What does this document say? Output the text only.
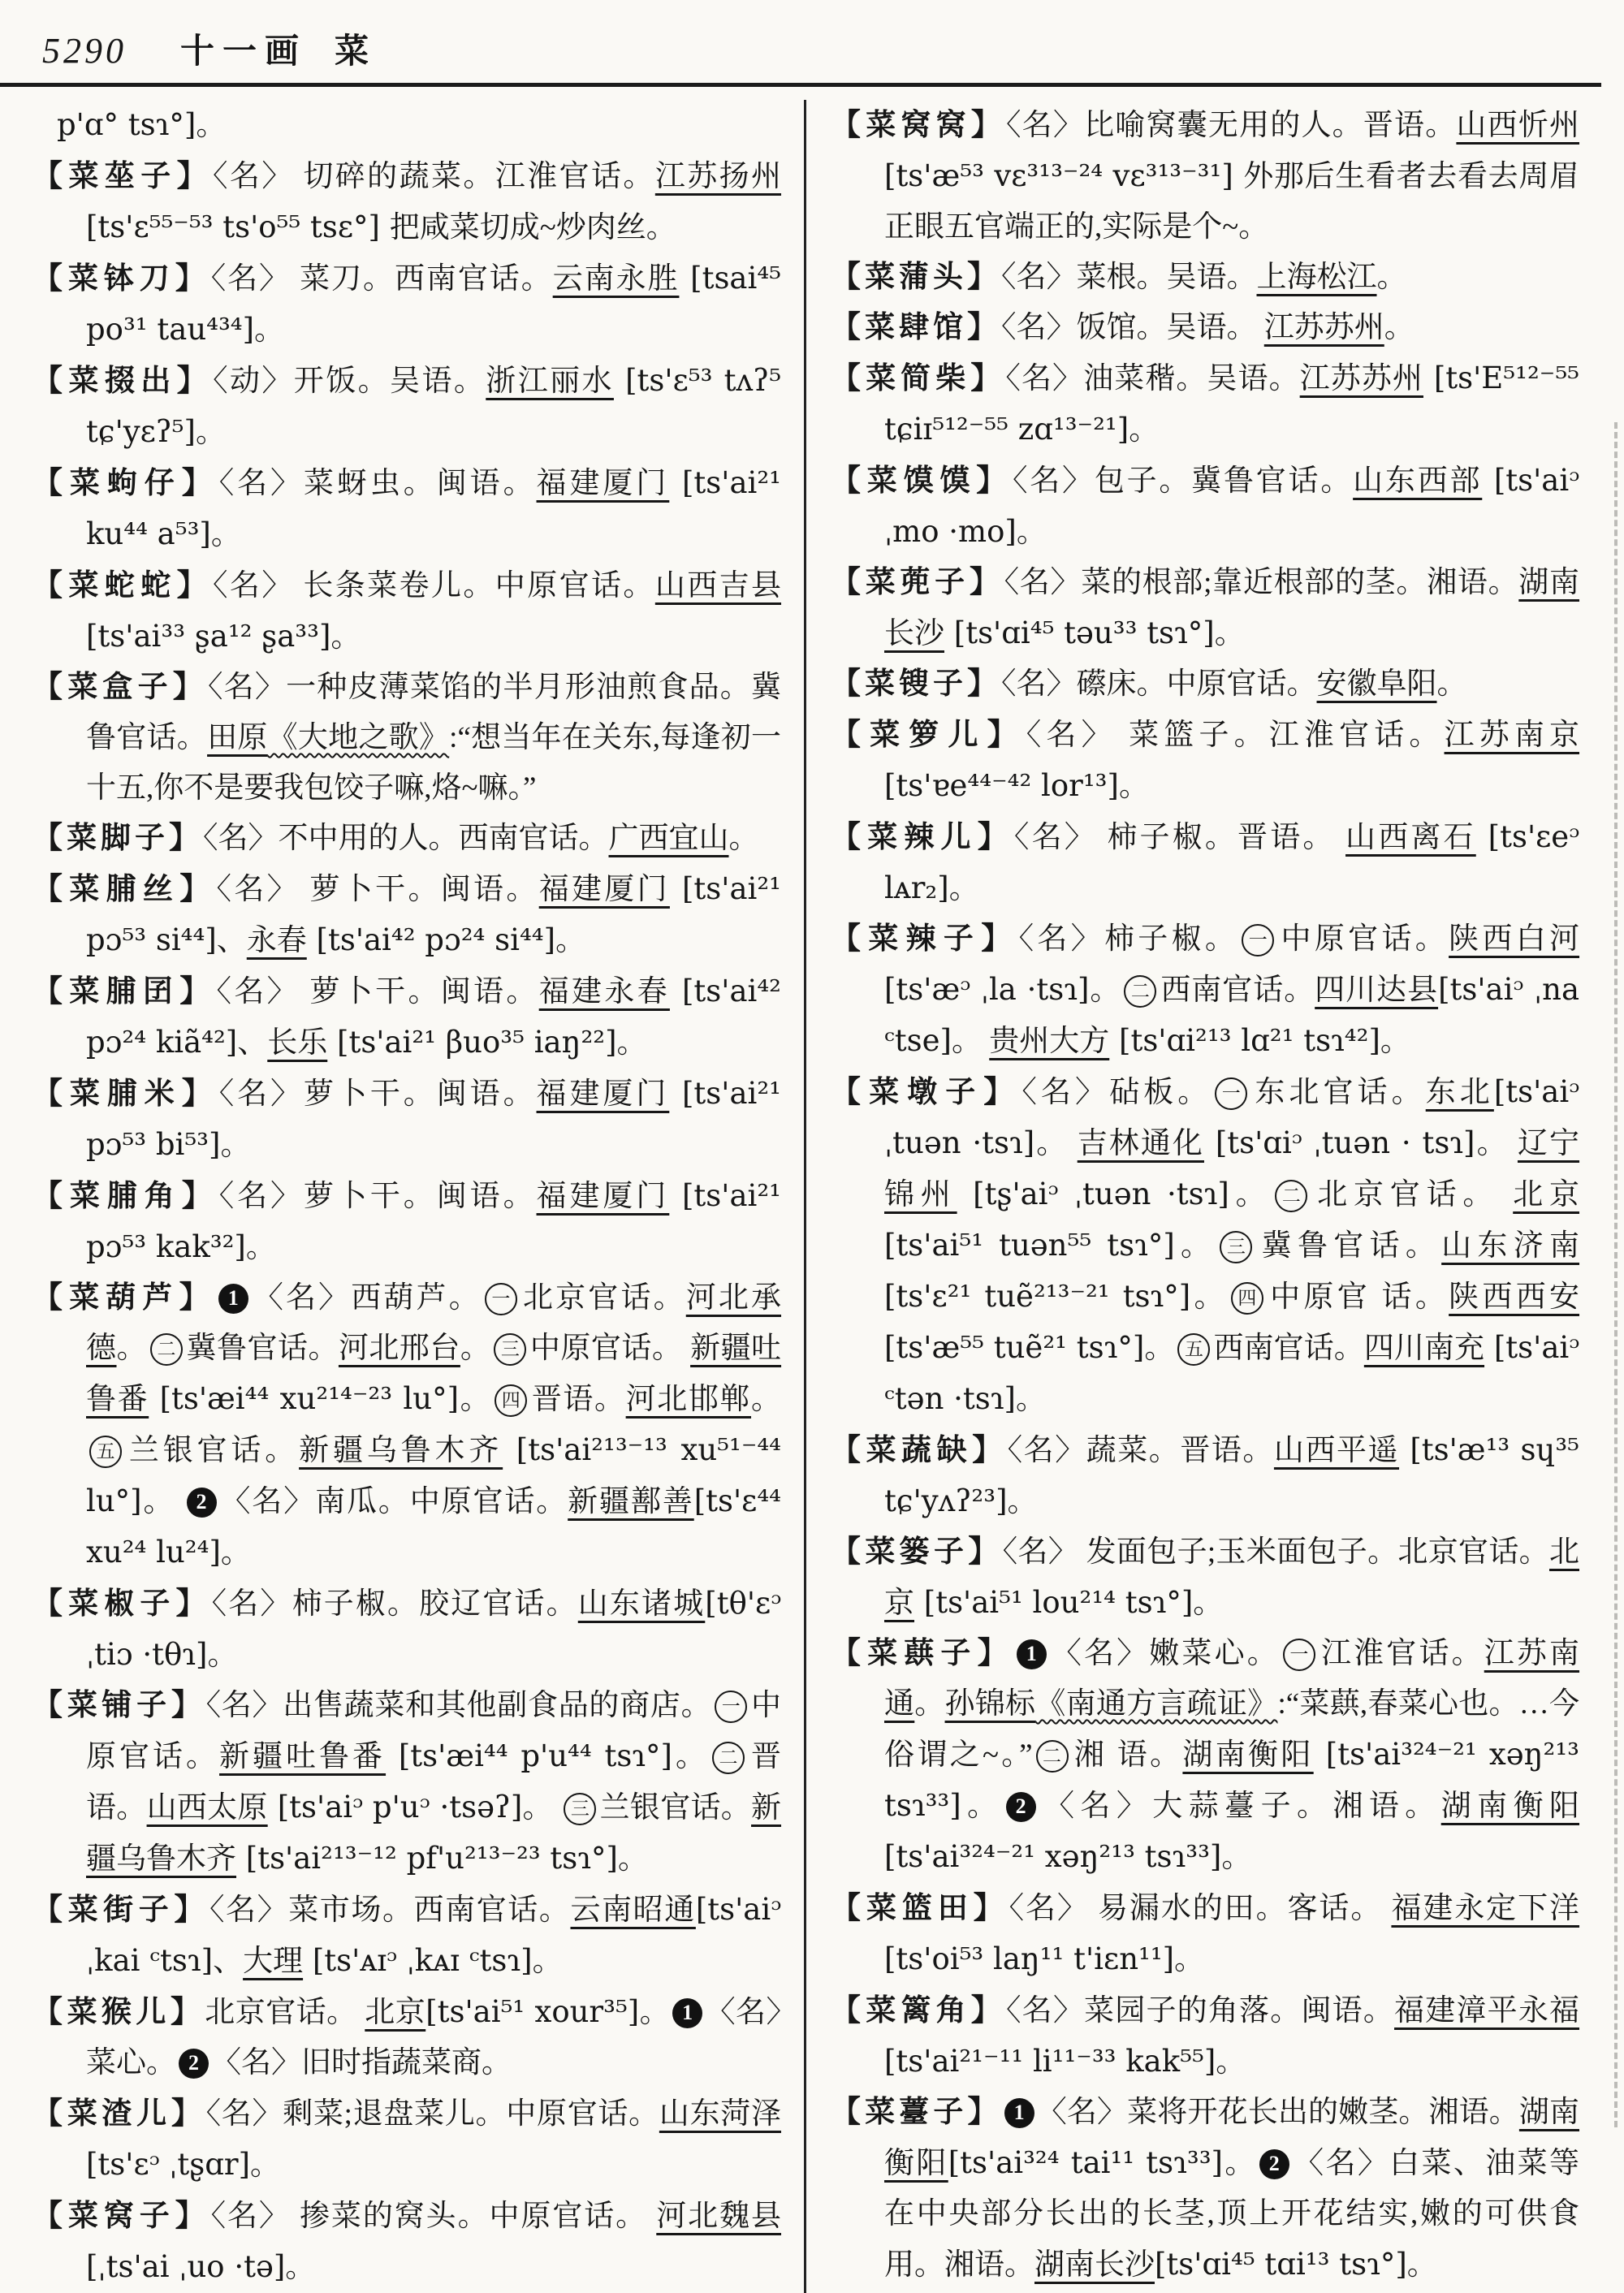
5290 十一画 菜
p'ɑ° tsɿ°]。
【菜莝子】〈名〉 切碎的蔬菜。江淮官话。江苏扬州 [ts'ɛ⁵⁵⁻⁵³ ts'o⁵⁵ tsɛ°] 把咸菜切成~炒肉丝。
【菜钵刀】〈名〉 菜刀。西南官话。云南永胜 [tsai⁴⁵ po³¹ tau⁴³⁴]。
【菜掇出】〈动〉开饭。吴语。浙江丽水 [ts'ɛ⁵³ tʌʔ⁵ tɕ'yɛʔ⁵]。
【菜蚼仔】〈名〉菜蚜虫。闽语。福建厦门 [ts'ai²¹ ku⁴⁴ a⁵³]。
【菜蛇蛇】〈名〉 长条菜卷儿。中原官话。山西吉县 [ts'ai³³ ʂa¹² ʂa³³]。
【菜盒子】〈名〉一种皮薄菜馅的半月形油煎食品。冀鲁官话。田原《大地之歌》:“想当年在关东,每逢初一十五,你不是要我包饺子嘛,烙~嘛。”
【菜脚子】〈名〉不中用的人。西南官话。广西宜山。
【菜脯丝】〈名〉 萝卜干。闽语。福建厦门 [ts'ai²¹ pɔ⁵³ si⁴⁴]、永春 [ts'ai⁴² pɔ²⁴ si⁴⁴]。
【菜脯囝】〈名〉 萝卜干。闽语。福建永春 [ts'ai⁴² pɔ²⁴ kiã⁴²]、长乐 [ts'ai²¹ βuo³⁵ iaŋ²²]。
【菜脯米】〈名〉萝卜干。闽语。福建厦门 [ts'ai²¹ pɔ⁵³ bi⁵³]。
【菜脯角】〈名〉萝卜干。闽语。福建厦门 [ts'ai²¹ pɔ⁵³ kak³²]。
【菜葫芦】 1 〈名〉西葫芦。 一 北京官话。河北承德。 二 冀鲁官话。河北邢台。 三 中原官话。 新疆吐鲁番 [ts'æi⁴⁴ xu²¹⁴⁻²³ lu°]。 四 晋语。河北邯郸。五 兰银官话。新疆乌鲁木齐 [ts'ai²¹³⁻¹³ xu⁵¹⁻⁴⁴ lu°]。 2 〈名〉南瓜。中原官话。新疆鄯善[ts'ɛ⁴⁴ xu²⁴ lu²⁴]。
【菜椒子】〈名〉柿子椒。胶辽官话。山东诸城[tθ'ɛᵓ ˌtiɔ ·tθɿ]。
【菜铺子】〈名〉出售蔬菜和其他副食品的商店。 一 中原官话。新疆吐鲁番 [ts'æi⁴⁴ p'u⁴⁴ tsɿ°]。 二 晋 语。山西太原 [ts'aiᵓ p'uᵓ ·tsəʔ]。 三 兰银官话。新疆乌鲁木齐 [ts'ai²¹³⁻¹² pf'u²¹³⁻²³ tsɿ°]。
【菜街子】〈名〉菜市场。西南官话。云南昭通[ts'aiᵓ ˌkai ᶜtsɿ]、大理 [ts'ᴀɪᵓ ˌkᴀɪ ᶜtsɿ]。
【菜猴儿】北京官话。 北京[ts'ai⁵¹ xour³⁵]。 1 〈名〉菜心。 2 〈名〉旧时指蔬菜商。
【菜渣儿】〈名〉剩菜;退盘菜儿。中原官话。山东菏泽 [ts'ɛᵓ ˌtʂɑr]。
【菜窝子】〈名〉 掺菜的窝头。中原官话。 河北魏县 [ˌts'ai ˌuo ·tə]。
【菜窝窝】〈名〉比喻窝囊无用的人。晋语。山西忻州 [ts'æ⁵³ vɛ³¹³⁻²⁴ vɛ³¹³⁻³¹] 外那后生看者去看去周眉正眼五官端正的,实际是个~。
【菜蒲头】〈名〉菜根。吴语。上海松江。
【菜肆馆】〈名〉饭馆。吴语。 江苏苏州。
【菜简柴】〈名〉油菜稭。吴语。江苏苏州 [ts'E⁵¹²⁻⁵⁵ tɕiɪ⁵¹²⁻⁵⁵ zɑ¹³⁻²¹]。
【菜馍馍】〈名〉包子。冀鲁官话。山东西部 [ts'aiᵓ ˌmo ·mo]。
【菜蔸子】〈名〉菜的根部;靠近根部的茎。湘语。湖南长沙 [ts'ɑi⁴⁵ təu³³ tsɿ°]。
【菜锼子】〈名〉礤床。中原官话。安徽阜阳。
【菜箩儿】〈名〉 菜篮子。江淮官话。江苏南京 [ts'ɐe⁴⁴⁻⁴² lor¹³]。
【菜辣儿】〈名〉 柿子椒。晋语。 山西离石 [ts'ɛeᵓ lᴀr₂]。
【菜辣子】〈名〉柿子椒。 一 中原官话。陕西白河[ts'æᵓ ˌla ·tsɿ]。 二 西南官话。四川达县[ts'aiᵓ ˌna ᶜtse]。 贵州大方 [ts'ɑi²¹³ lɑ²¹ tsɿ⁴²]。
【菜墩子】〈名〉砧板。 一 东北官话。东北[ts'aiᵓ ˌtuən ·tsɿ]。 吉林通化 [ts'ɑiᵓ ˌtuən · tsɿ]。 辽宁锦州 [tʂ'aiᵓ ˌtuən ·tsɿ]。 二 北京官话。 北京 [ts'ai⁵¹ tuən⁵⁵ tsɿ°]。 三 冀鲁官话。山东济南[ts'ɛ²¹ tuẽ²¹³⁻²¹ tsɿ°]。 四 中原官 话。陕西西安 [ts'æ⁵⁵ tuẽ²¹ tsɿ°]。 五 西南官话。四川南充 [ts'aiᵓ ᶜtən ·tsɿ]。
【菜蔬缺】〈名〉蔬菜。晋语。山西平遥 [ts'æ¹³ sɥ³⁵ tɕ'yʌʔ²³]。
【菜篓子】〈名〉 发面包子;玉米面包子。北京官话。北京 [ts'ai⁵¹ lou²¹⁴ tsɿ°]。
【菜蕻子】 1 〈名〉嫩菜心。 一 江淮官话。江苏南通。孙锦标《南通方言疏证》:“菜蕻,春菜心也。…今俗谓之~。” 二 湘 语。湖南衡阳 [ts'ai³²⁴⁻²¹ xəŋ²¹³ tsɿ³³]。 2 〈名〉大蒜薹子。湘语。湖南衡阳 [ts'ai³²⁴⁻²¹ xəŋ²¹³ tsɿ³³]。
【菜篮田】〈名〉 易漏水的田。客话。 福建永定下洋 [ts'oi⁵³ laŋ¹¹ t'iɛn¹¹]。
【菜篱角】〈名〉菜园子的角落。闽语。福建漳平永福 [ts'ai²¹⁻¹¹ li¹¹⁻³³ kak⁵⁵]。
【菜薹子】 1 〈名〉菜将开花长出的嫩茎。湘语。湖南衡阳[ts'ai³²⁴ tai¹¹ tsɿ³³]。 2 〈名〉白菜、油菜等在中央部分长出的长茎,顶上开花结实,嫩的可供食用。湘语。湖南长沙[ts'ɑi⁴⁵ tɑi¹³ tsɿ°]。
